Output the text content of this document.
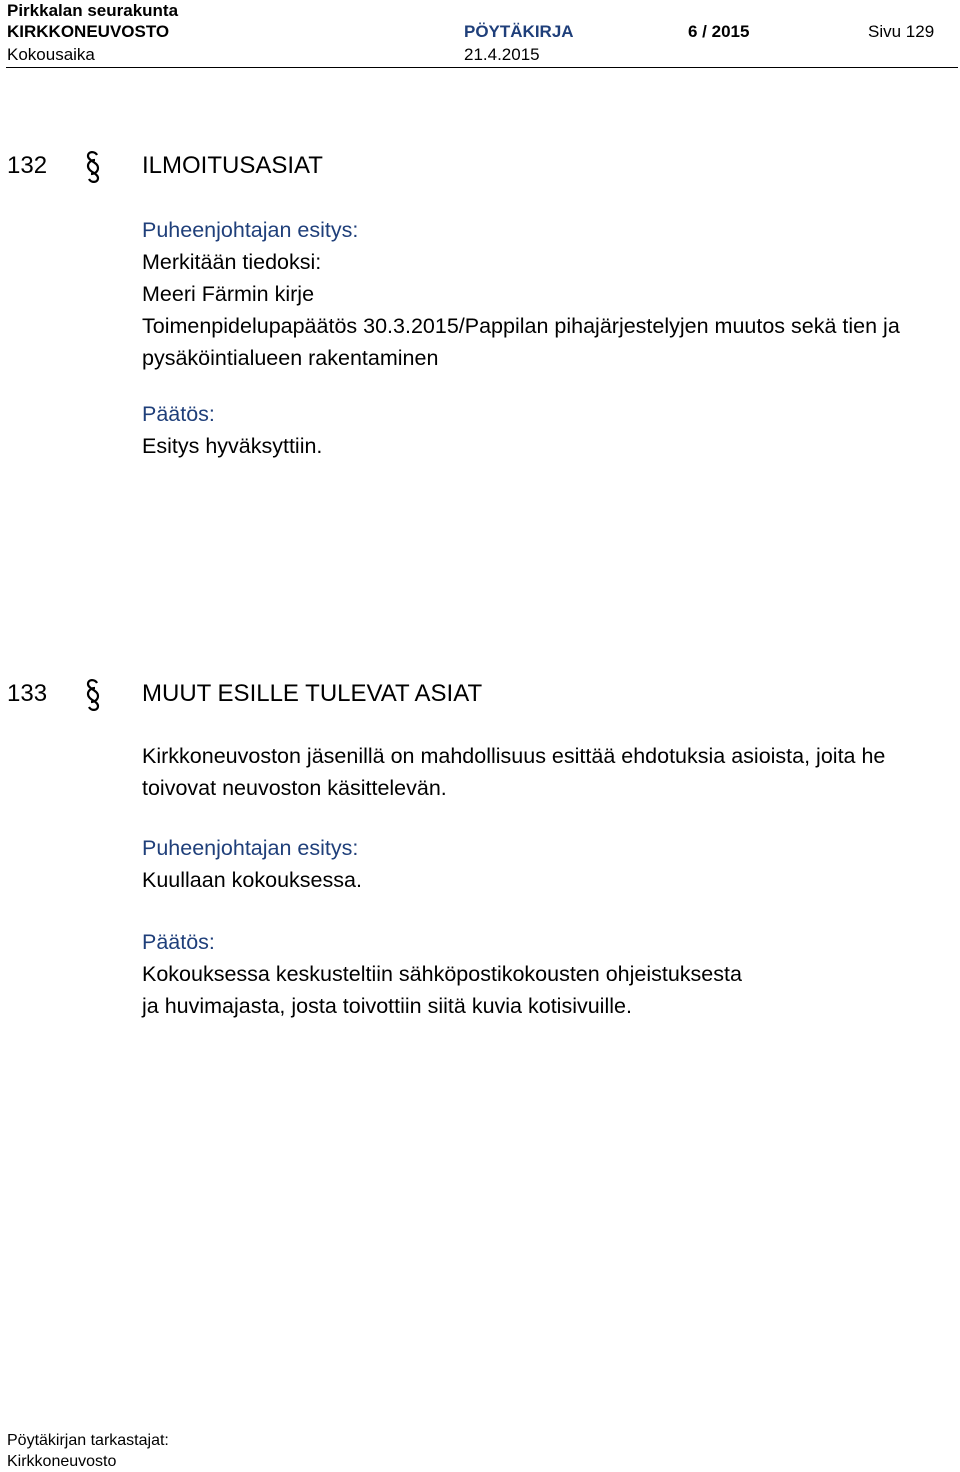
Pirkkalan seurakunta
KIRKKONEUVOSTO	PÖYTÄKIRJA	6 / 2015	Sivu 129
Kokousaika	21.4.2015
132	ILMOITUSASIAT
Puheenjohtajan esitys:
Merkitään tiedoksi:
Meeri Färmin kirje
Toimenpidelupapäätös 30.3.2015/Pappilan pihajärjestelyjen muutos sekä tien ja
pysäköintialueen rakentaminen
Päätös:
Esitys hyväksyttiin.
133	MUUT ESILLE TULEVAT ASIAT
Kirkkoneuvoston jäsenillä on mahdollisuus esittää ehdotuksia asioista, joita he
toivovat neuvoston käsittelevän.
Puheenjohtajan esitys:
Kuullaan kokouksessa.
Päätös:
Kokouksessa keskusteltiin sähköpostikokousten ohjeistuksesta
ja huvimajasta, josta toivottiin siitä kuvia kotisivuille.
Pöytäkirjan tarkastajat:
Kirkkoneuvosto
